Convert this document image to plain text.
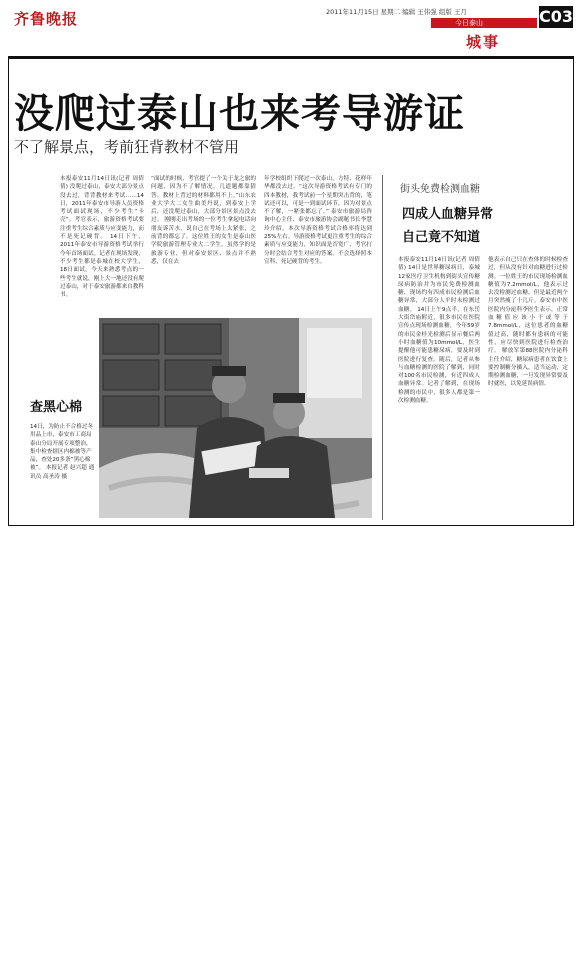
齐鲁晚报	2011年11月15日 星期二 编辑 王伟强 组版 王月
今日泰山	C03
城事
没爬过泰山也来考导游证
不了解景点，考前狂背教材不管用
本报泰安11月14日讯(记者 周倩倩) 没爬过泰山，泰安大部分景点没去过，背背教材来考试……14日，2011年泰安市导游人员资格考试面试现场，不少考生“卡壳”。考官表示，旅游资格考试要注重考生综合素质与应变能力，而不是死记硬背。 14日下午，2011年泰安市导游资格考试举行今年首场面试。记者在现场发现，不少考生都是泰城在校大学生，18日面试，今天来熟悉考点的一些考生就说，刚上大一地还没有爬过泰山，对于泰安旅游都来自教科书。
“面试的时候，考官提了一个关于龙之旅的问题，因为不了解情况，几道题都靠猜答。教材上背过的材料都用不上。”山东农业大学大二女生曲美丹说，到泰安上学后，还没爬过泰山，大部分景区景点没去过。 刚刚走出考场的一位考生拿起电话向朋友诉苦水，说自己在考场上太紧张，之前背的都忘了。这位姓王的女生是泰山医学院旅游管理专业大二学生，虽然学的是旅游专业，但对泰安景区、景点并不熟悉，仅在去
年学校组织下爬过一次泰山，方特、花样年华都没去过。“这次导游资格考试有专门的四本教材，我考试前一个星期突击背的，笔试还可以，可是一到面试环节，因为对景点不了解，一紧张都忘了。” 泰安市旅游局咨询中心主任、泰安市旅游协会副秘书长李慧玲介绍，本次导游资格考试合格率将达到25%左右。导游资格考试更注重考生的综合素质与应变能力，知识面是否宽广，考官打分时会结合考生对应的答案，不会选择照本宣科、死记硬背的考生。
查黑心棉
14日，为防止不合格过冬用品上市，泰安市工商局泰山分局开展专项整治，集中检查辖区内棉被等产品，查处20多条“黑心棉被”。 本报记者 赵兴超 通讯员 高圣涛 摄
街头免费检测血糖
四成人血糖异常
自己竟不知道
本报泰安11月14日讯(记者 周倩倩) 14日是世界糖尿病日，泰城12家医疗卫生机构到街头宣传糖尿病防治并为市民免费检测血糖，现场约有四成市民检测后血糖异常，大部分人平时未检测过血糖。 14日上午9点半，在东岳大街岱庙附近，很多市民在医院宣传点现场检测血糖，今年59岁的市民金桂光检测后显示餐后两小时血糖值为10mmol/L，医生提醒他可能患糖尿病，要及时到医院进行复查。随后，记者从参与血糖检测的医院了解到，同时对100名市民检测，有近四成人血糖异常。记者了解到，在现场检测的市民中，很多人都是第一次检测血糖。
他表示自己只在查体的时候检查过，但从没有针对血糖进行过检测。一位姓王的市民现场检测血糖值为7.2mmol/L，他表示过去没检测过血糖，但是最近两个月突然瘦了十几斤。泰安市中医医院内分泌科李医生表示，正常血糖值应该小于或等于7.8mmol/L，这位患者的血糖值过高，随时都有患病的可能性，应尽快到医院进行检查治疗。 解放军第88医院内分泌科主任介绍，糖尿病患者在饮食上要控制糖分摄入，适当运动，定期检测血糖，一旦发现异常要及时就医，以免延误病情。
